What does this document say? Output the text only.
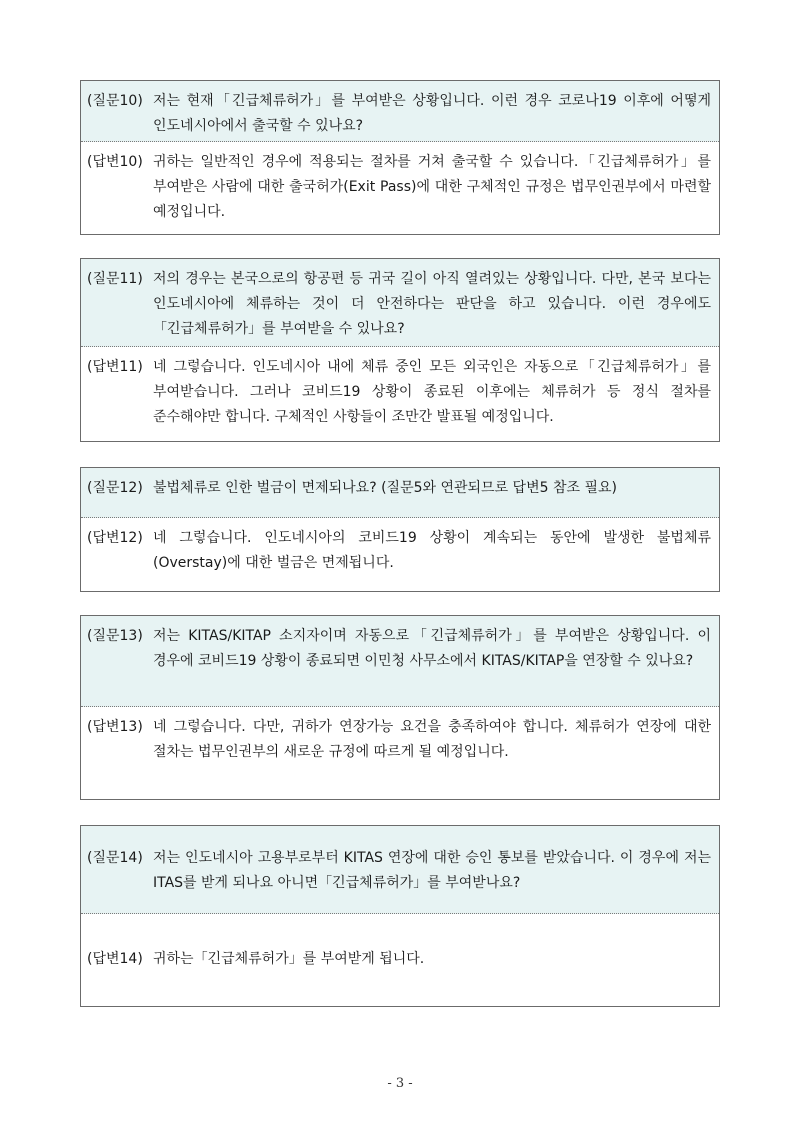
(질문10) 저는 현재「긴급체류허가」를 부여받은 상황입니다. 이런 경우 코로나19 이후에 어떻게 인도네시아에서 출국할 수 있나요?
(답변10) 귀하는 일반적인 경우에 적용되는 절차를 거쳐 출국할 수 있습니다.「긴급체류허가」를 부여받은 사람에 대한 출국허가(Exit Pass)에 대한 구체적인 규정은 법무인권부에서 마련할 예정입니다.
(질문11) 저의 경우는 본국으로의 항공편 등 귀국 길이 아직 열려있는 상황입니다. 다만, 본국 보다는 인도네시아에 체류하는 것이 더 안전하다는 판단을 하고 있습니다. 이런 경우에도「긴급체류허가」를 부여받을 수 있나요?
(답변11) 네 그렇습니다. 인도네시아 내에 체류 중인 모든 외국인은 자동으로「긴급체류허가」를 부여받습니다. 그러나 코비드19 상황이 종료된 이후에는 체류허가 등 정식 절차를 준수해야만 합니다. 구체적인 사항들이 조만간 발표될 예정입니다.
(질문12) 불법체류로 인한 벌금이 면제되나요? (질문5와 연관되므로 답변5 참조 필요)
(답변12) 네 그렇습니다. 인도네시아의 코비드19 상황이 계속되는 동안에 발생한 불법체류(Overstay)에 대한 벌금은 면제됩니다.
(질문13) 저는 KITAS/KITAP 소지자이며 자동으로「긴급체류허가」를 부여받은 상황입니다. 이 경우에 코비드19 상황이 종료되면 이민청 사무소에서 KITAS/KITAP을 연장할 수 있나요?
(답변13) 네 그렇습니다. 다만, 귀하가 연장가능 요건을 충족하여야 합니다. 체류허가 연장에 대한 절차는 법무인권부의 새로운 규정에 따르게 될 예정입니다.
(질문14) 저는 인도네시아 고용부로부터 KITAS 연장에 대한 승인 통보를 받았습니다. 이 경우에 저는 ITAS를 받게 되나요 아니면「긴급체류허가」를 부여받나요?
(답변14) 귀하는「긴급체류허가」를 부여받게 됩니다.
- 3 -
